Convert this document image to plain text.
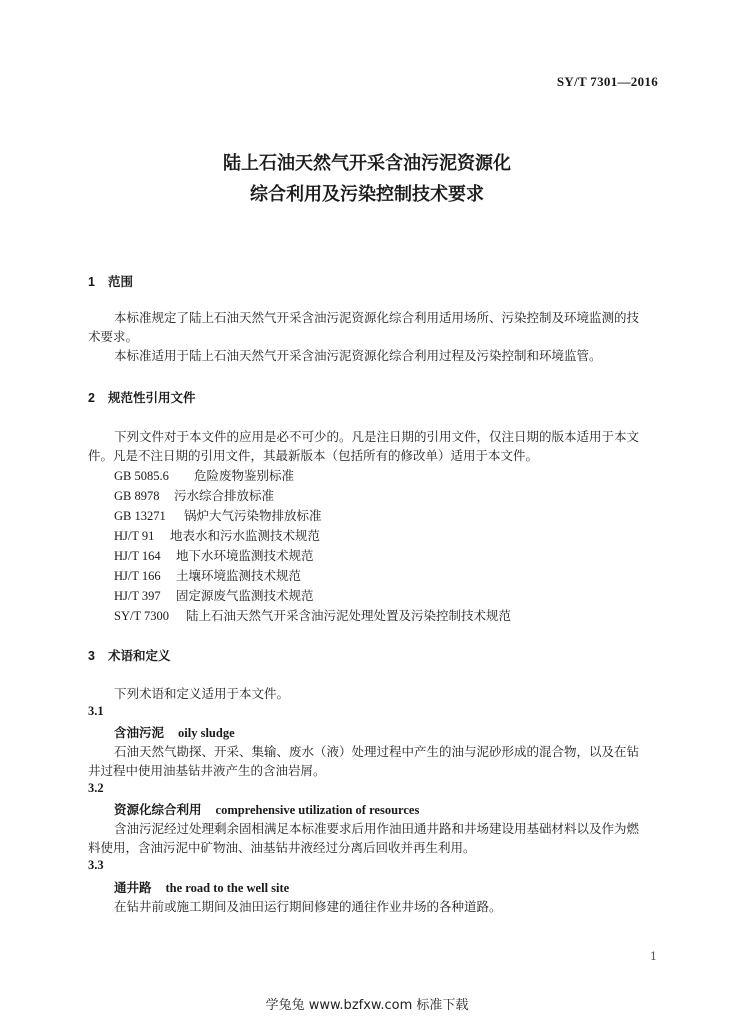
SY/T 7301—2016
陆上石油天然气开采含油污泥资源化
综合利用及污染控制技术要求
1 范围
本标准规定了陆上石油天然气开采含油污泥资源化综合利用适用场所、污染控制及环境监测的技
术要求。
本标准适用于陆上石油天然气开采含油污泥资源化综合利用过程及污染控制和环境监管。
2 规范性引用文件
下列文件对于本文件的应用是必不可少的。凡是注日期的引用文件，仅注日期的版本适用于本文
件。凡是不注日期的引用文件，其最新版本（包括所有的修改单）适用于本文件。
GB 5085.6 危险废物鉴别标准
GB 8978 污水综合排放标准
GB 13271 锅炉大气污染物排放标准
HJ/T 91 地表水和污水监测技术规范
HJ/T 164 地下水环境监测技术规范
HJ/T 166 土壤环境监测技术规范
HJ/T 397 固定源废气监测技术规范
SY/T 7300 陆上石油天然气开采含油污泥处理处置及污染控制技术规范
3 术语和定义
下列术语和定义适用于本文件。
3.1
含油污泥 oily sludge
石油天然气勘探、开采、集输、废水（液）处理过程中产生的油与泥砂形成的混合物，以及在钻
井过程中使用油基钻井液产生的含油岩屑。
3.2
资源化综合利用 comprehensive utilization of resources
含油污泥经过处理剩余固相满足本标准要求后用作油田通井路和井场建设用基础材料以及作为燃
料使用，含油污泥中矿物油、油基钻井液经过分离后回收并再生利用。
3.3
通井路 the road to the well site
在钻井前或施工期间及油田运行期间修建的通往作业井场的各种道路。
1
学兔兔 www.bzfxw.com 标准下载
